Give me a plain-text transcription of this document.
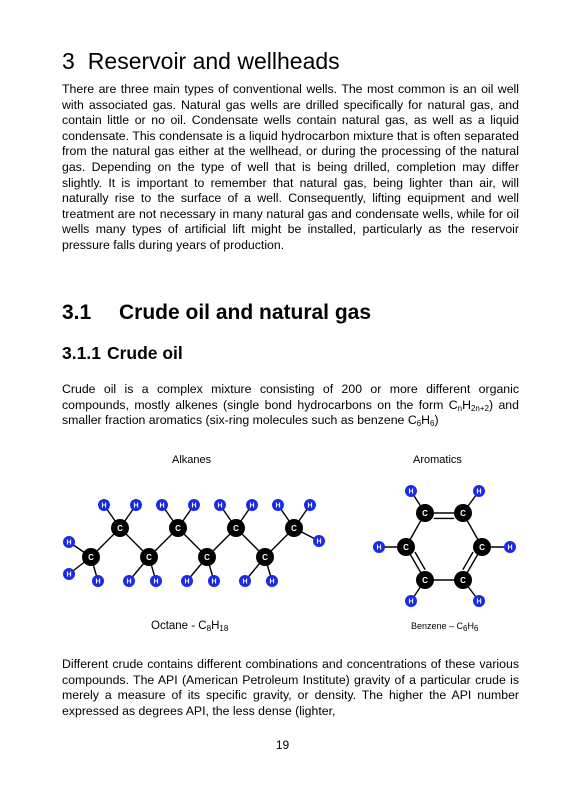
3 Reservoir and wellheads

There are three main types of conventional wells. The most common is an oil well with associated gas. Natural gas wells are drilled specifically for natural gas, and contain little or no oil. Condensate wells contain natural gas, as well as a liquid condensate. This condensate is a liquid hydrocarbon mixture that is often separated from the natural gas either at the wellhead, or during the processing of the natural gas. Depending on the type of well that is being drilled, completion may differ slightly. It is important to remember that natural gas, being lighter than air, will naturally rise to the surface of a well. Consequently, lifting equipment and well treatment are not necessary in many natural gas and condensate wells, while for oil wells many types of artificial lift might be installed, particularly as the reservoir pressure falls during years of production.

3.1 Crude oil and natural gas
3.1.1 Crude oil

Crude oil is a complex mixture consisting of 200 or more different organic compounds, mostly alkenes (single bond hydrocarbons on the form $C_nH_{2n+2}$) and smaller fraction aromatics (six-ring molecules such as benzene $C_6H_6$)

Alkanes	Aromatics
H	H	H	H	H	H	H	H
H	H	H	H
H	H	H
H
H
H
C
C
C
C
C
C
C
C
H	H
H
H
H
H
C	C
C
C
C
C
Octane - $C_8H_{18}$	Benzene – $C_6H_6$

Different crude contains different combinations and concentrations of these various compounds. The API (American Petroleum Institute) gravity of a particular crude is merely a measure of its specific gravity, or density. The higher the API number expressed as degrees API, the less dense (lighter,

19
